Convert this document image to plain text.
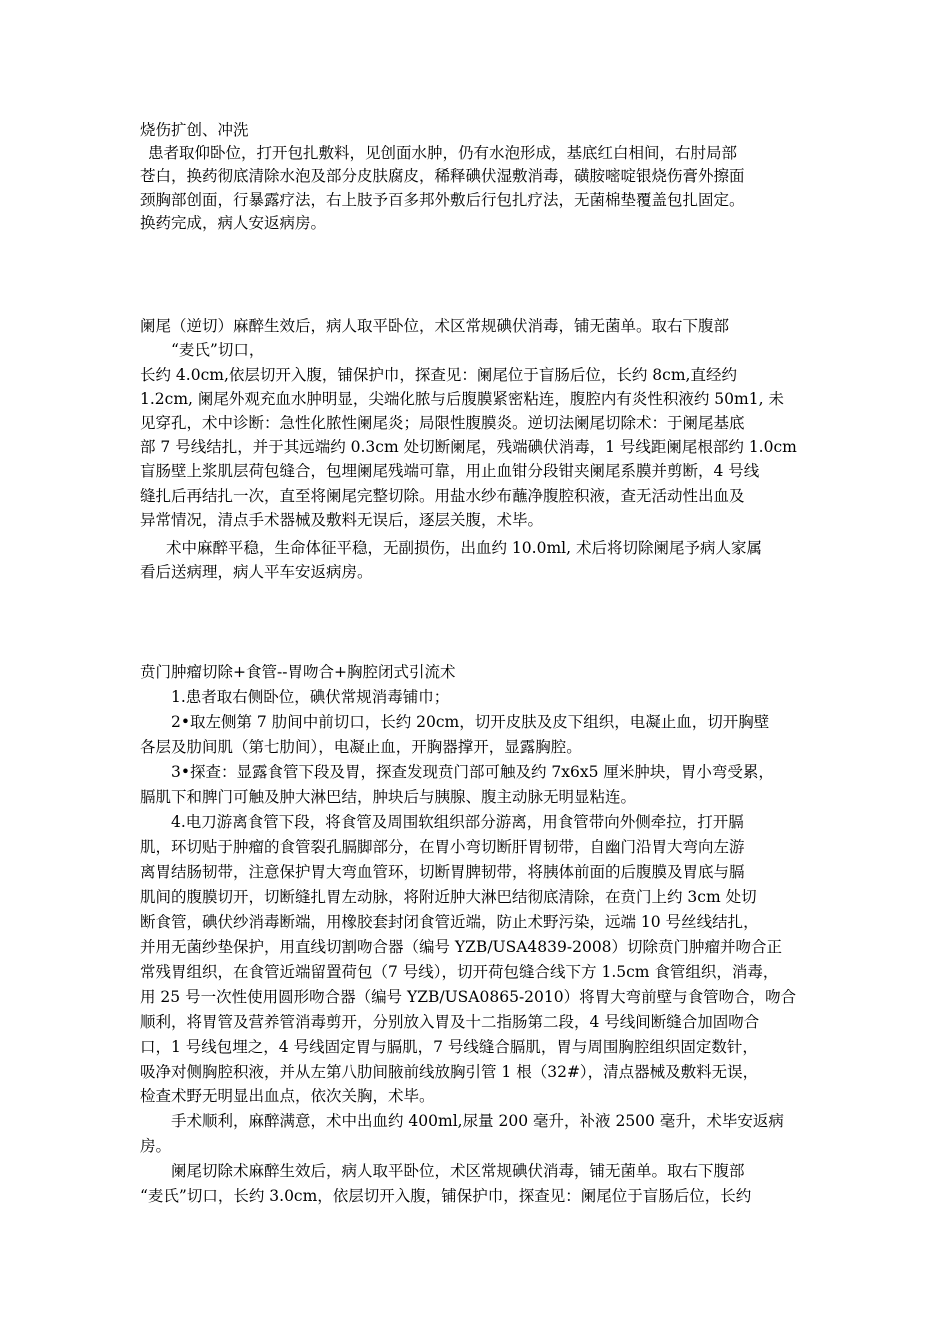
烧伤扩创、冲洗
患者取仰卧位，打开包扎敷料，见创面水肿，仍有水泡形成，基底红白相间，右肘局部
苍白，换药彻底清除水泡及部分皮肤腐皮，稀释碘伏湿敷消毒，磺胺嘧啶银烧伤膏外擦面
颈胸部创面，行暴露疗法，右上肢予百多邦外敷后行包扎疗法，无菌棉垫覆盖包扎固定。
换药完成，病人安返病房。
阑尾（逆切）麻醉生效后，病人取平卧位，术区常规碘伏消毒，铺无菌单。取右下腹部
“麦氏”切口，
长约 4.0cm,依层切开入腹，铺保护巾，探查见：阑尾位于盲肠后位，长约 8cm,直经约
1.2cm, 阑尾外观充血水肿明显，尖端化脓与后腹膜紧密粘连，腹腔内有炎性积液约 50m1, 未
见穿孔，术中诊断：急性化脓性阑尾炎；局限性腹膜炎。逆切法阑尾切除术：于阑尾基底
部 7 号线结扎，并于其远端约 0.3cm 处切断阑尾，残端碘伏消毒，1 号线距阑尾根部约 1.0cm
盲肠壁上浆肌层荷包缝合，包埋阑尾残端可靠，用止血钳分段钳夹阑尾系膜并剪断，4 号线
缝扎后再结扎一次，直至将阑尾完整切除。用盐水纱布蘸净腹腔积液，查无活动性出血及
异常情况，清点手术器械及敷料无误后，逐层关腹，术毕。
术中麻醉平稳，生命体征平稳，无副损伤，出血约 10.0ml, 术后将切除阑尾予病人家属
看后送病理，病人平车安返病房。
贲门肿瘤切除+食管--胃吻合+胸腔闭式引流术
1.患者取右侧卧位，碘伏常规消毒铺巾；
2•取左侧第 7 肋间中前切口，长约 20cm，切开皮肤及皮下组织，电凝止血，切开胸壁
各层及肋间肌（第七肋间），电凝止血，开胸器撑开，显露胸腔。
3•探查：显露食管下段及胃，探查发现贲门部可触及约 7x6x5 厘米肿块，胃小弯受累，
膈肌下和脾门可触及肿大淋巴结，肿块后与胰腺、腹主动脉无明显粘连。
4.电刀游离食管下段，将食管及周围软组织部分游离，用食管带向外侧牵拉，打开膈
肌，环切贴于肿瘤的食管裂孔膈脚部分，在胃小弯切断肝胃韧带，自幽门沿胃大弯向左游
离胃结肠韧带，注意保护胃大弯血管环，切断胃脾韧带，将胰体前面的后腹膜及胃底与膈
肌间的腹膜切开，切断缝扎胃左动脉，将附近肿大淋巴结彻底清除，在贲门上约 3cm 处切
断食管，碘伏纱消毒断端，用橡胶套封闭食管近端，防止术野污染，远端 10 号丝线结扎，
并用无菌纱垫保护，用直线切割吻合器（编号 YZB/USA4839-2008）切除贲门肿瘤并吻合正
常残胃组织，在食管近端留置荷包（7 号线），切开荷包缝合线下方 1.5cm 食管组织，消毒，
用 25 号一次性使用圆形吻合器（编号 YZB/USA0865-2010）将胃大弯前壁与食管吻合，吻合
顺利，将胃管及营养管消毒剪开，分别放入胃及十二指肠第二段，4 号线间断缝合加固吻合
口，1 号线包埋之，4 号线固定胃与膈肌，7 号线缝合膈肌，胃与周围胸腔组织固定数针，
吸净对侧胸腔积液，并从左第八肋间腋前线放胸引管 1 根（32#），清点器械及敷料无误，
检查术野无明显出血点，依次关胸，术毕。
手术顺利，麻醉满意，术中出血约 400ml,尿量 200 毫升，补液 2500 毫升，术毕安返病
房。
阑尾切除术麻醉生效后，病人取平卧位，术区常规碘伏消毒，铺无菌单。取右下腹部
“麦氏”切口，长约 3.0cm，依层切开入腹，铺保护巾，探查见：阑尾位于盲肠后位，长约
